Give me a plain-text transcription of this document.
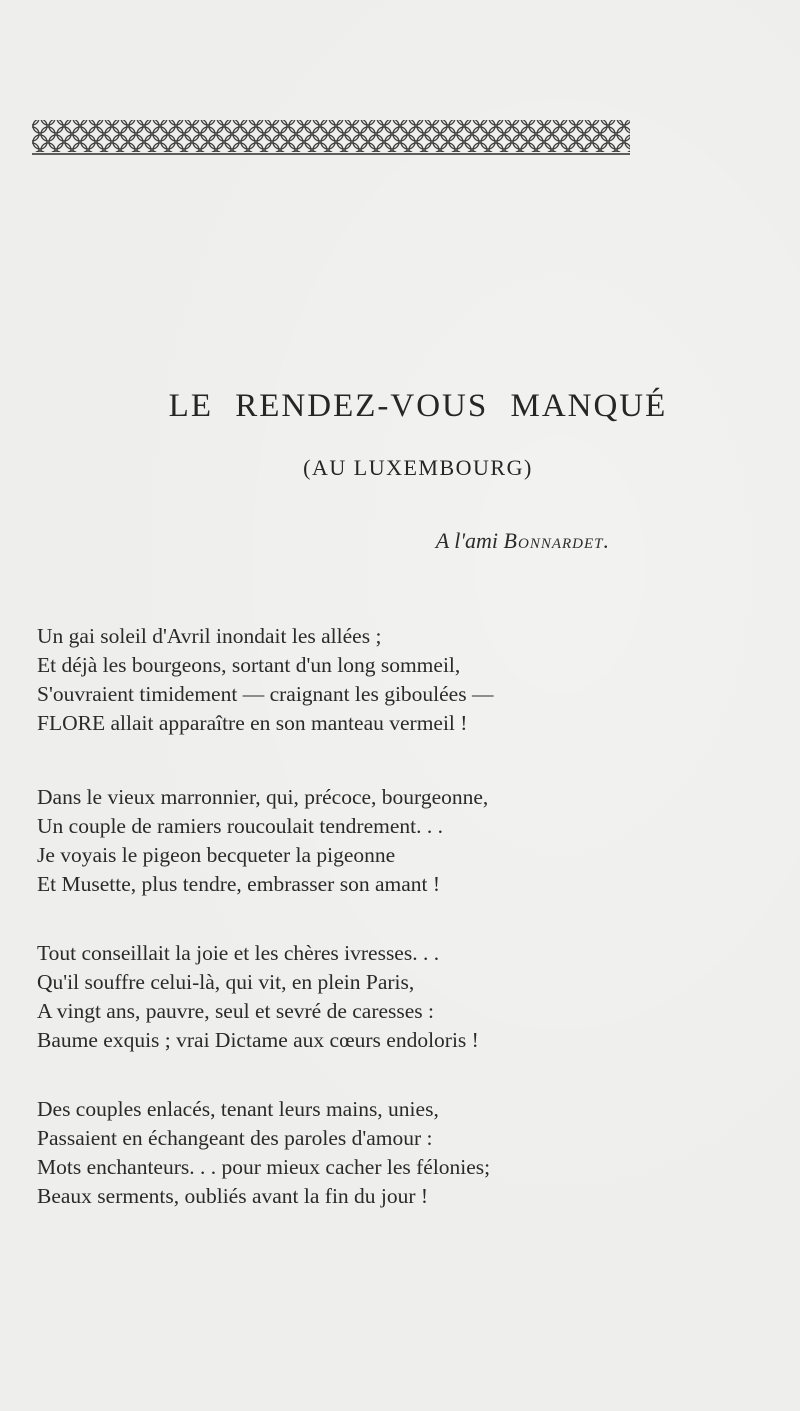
LE RENDEZ-VOUS MANQUÉ
(AU LUXEMBOURG)

A l'ami Bonnardet.

Un gai soleil d'Avril inondait les allées ;
Et déjà les bourgeons, sortant d'un long sommeil,
S'ouvraient timidement — craignant les giboulées —
FLORE allait apparaître en son manteau vermeil !
Dans le vieux marronnier, qui, précoce, bourgeonne,
Un couple de ramiers roucoulait tendrement. . .
Je voyais le pigeon becqueter la pigeonne
Et Musette, plus tendre, embrasser son amant !
Tout conseillait la joie et les chères ivresses. . .
Qu'il souffre celui-là, qui vit, en plein Paris,
A vingt ans, pauvre, seul et sevré de caresses :
Baume exquis ; vrai Dictame aux cœurs endoloris !
Des couples enlacés, tenant leurs mains, unies,
Passaient en échangeant des paroles d'amour :
Mots enchanteurs. . . pour mieux cacher les félonies;
Beaux serments, oubliés avant la fin du jour !
